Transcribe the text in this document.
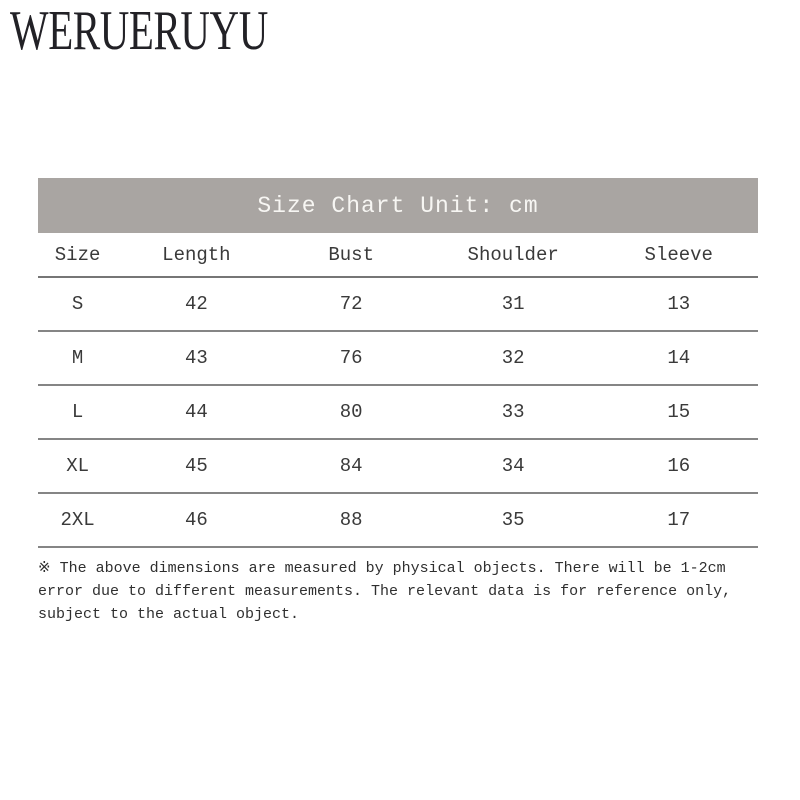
WERUERUYU
Size Chart Unit: cm
Size	Length	Bust	Shoulder	Sleeve
S	42	72	31	13
M	43	76	32	14
L	44	80	33	15
XL	45	84	34	16
2XL	46	88	35	17
※ The above dimensions are measured by physical objects. There will be 1-2cm
error due to different measurements. The relevant data is for reference only,
subject to the actual object.
